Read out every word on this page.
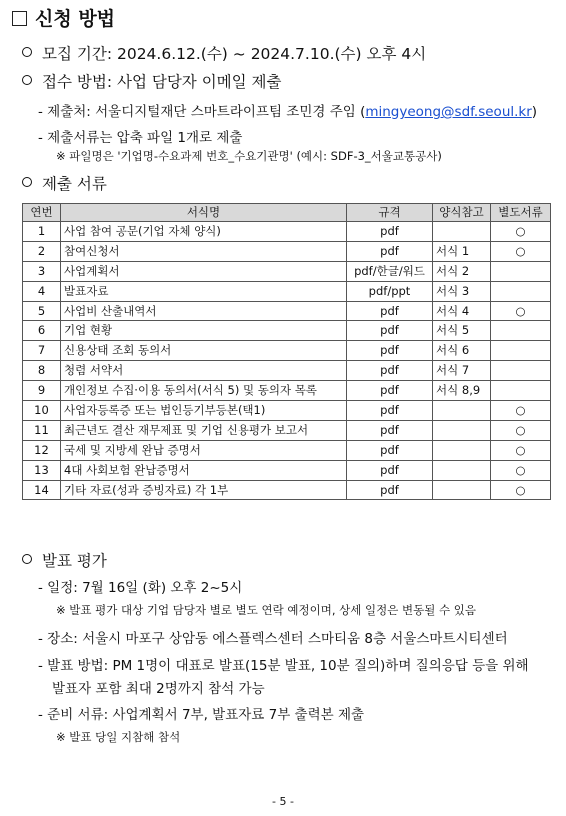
신청 방법
모집 기간: 2024.6.12.(수) ~ 2024.7.10.(수) 오후 4시
접수 방법: 사업 담당자 이메일 제출
- 제출처: 서울디지털재단 스마트라이프팀 조민경 주임 (mingyeong@sdf.seoul.kr)
- 제출서류는 압축 파일 1개로 제출
※ 파일명은 '기업명-수요과제 번호_수요기관명' (예시: SDF-3_서울교통공사)
제출 서류
연번	서식명	규격	양식참고	별도서류
1	사업 참여 공문(기업 자체 양식)	pdf		○
2	참여신청서	pdf	서식 1	○
3	사업계획서	pdf/한글/워드	서식 2	
4	발표자료	pdf/ppt	서식 3	
5	사업비 산출내역서	pdf	서식 4	○
6	기업 현황	pdf	서식 5	
7	신용상태 조회 동의서	pdf	서식 6	
8	청렴 서약서	pdf	서식 7	
9	개인정보 수집·이용 동의서(서식 5) 및 동의자 목록	pdf	서식 8,9	
10	사업자등록증 또는 법인등기부등본(택1)	pdf		○
11	최근년도 결산 재무제표 및 기업 신용평가 보고서	pdf		○
12	국세 및 지방세 완납 증명서	pdf		○
13	4대 사회보험 완납증명서	pdf		○
14	기타 자료(성과 증빙자료) 각 1부	pdf		○
발표 평가
- 일정: 7월 16일 (화) 오후 2~5시
※ 발표 평가 대상 기업 담당자 별로 별도 연락 예정이며, 상세 일정은 변동될 수 있음
- 장소: 서울시 마포구 상암동 에스플렉스센터 스마티움 8층 서울스마트시티센터
- 발표 방법: PM 1명이 대표로 발표(15분 발표, 10분 질의)하며 질의응답 등을 위해
발표자 포함 최대 2명까지 참석 가능
- 준비 서류: 사업계획서 7부, 발표자료 7부 출력본 제출
※ 발표 당일 지참해 참석
- 5 -
